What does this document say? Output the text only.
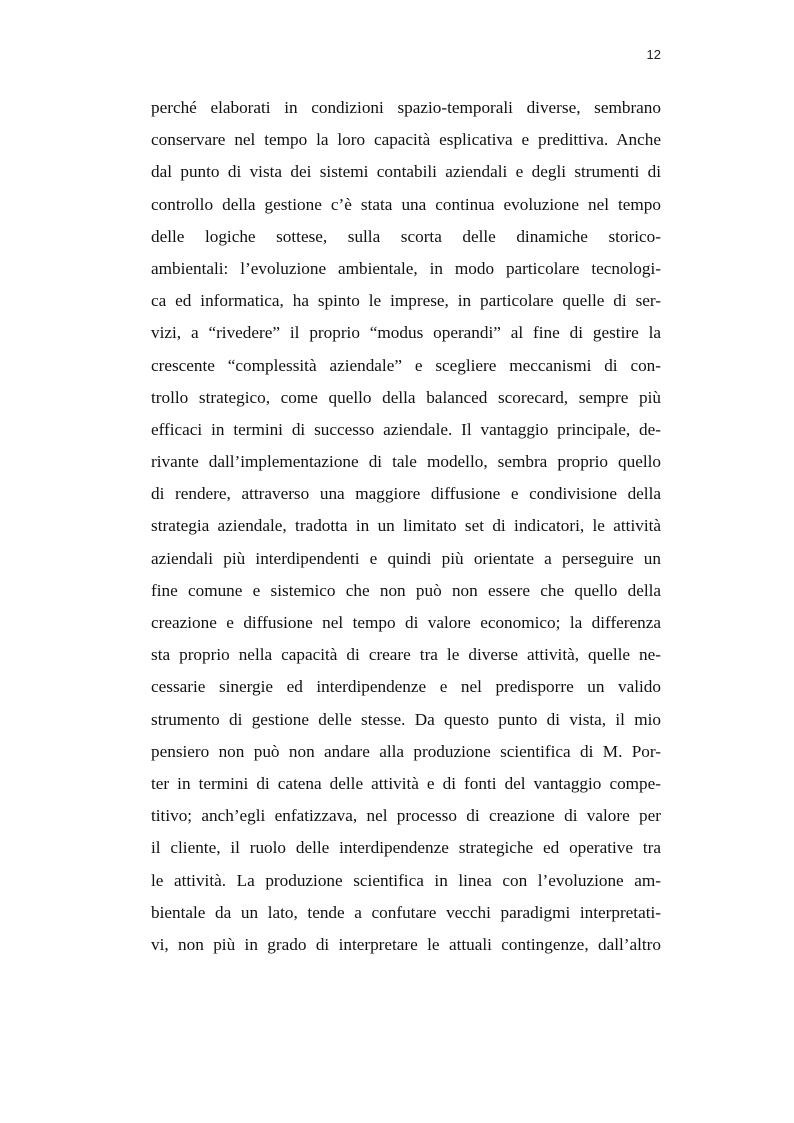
12
perché elaborati in condizioni spazio-temporali diverse, sembrano
conservare nel tempo la loro capacità esplicativa e predittiva. Anche
dal punto di vista dei sistemi contabili aziendali e degli strumenti di
controllo della gestione c’è stata una continua evoluzione nel tempo
delle logiche sottese, sulla scorta delle dinamiche storico-
ambientali: l’evoluzione ambientale, in modo particolare tecnologi-
ca ed informatica, ha spinto le imprese, in particolare quelle di ser-
vizi, a “rivedere” il proprio “modus operandi” al fine di gestire la
crescente “complessità aziendale” e scegliere meccanismi di con-
trollo strategico, come quello della balanced scorecard, sempre più
efficaci in termini di successo aziendale. Il vantaggio principale, de-
rivante dall’implementazione di tale modello, sembra proprio quello
di rendere, attraverso una maggiore diffusione e condivisione della
strategia aziendale, tradotta in un limitato set di indicatori, le attività
aziendali più interdipendenti e quindi più orientate a perseguire un
fine comune e sistemico che non può non essere che quello della
creazione e diffusione nel tempo di valore economico; la differenza
sta proprio nella capacità di creare tra le diverse attività, quelle ne-
cessarie sinergie ed interdipendenze e nel predisporre un valido
strumento di gestione delle stesse. Da questo punto di vista, il mio
pensiero non può non andare alla produzione scientifica di M. Por-
ter in termini di catena delle attività e di fonti del vantaggio compe-
titivo; anch’egli enfatizzava, nel processo di creazione di valore per
il cliente, il ruolo delle interdipendenze strategiche ed operative tra
le attività. La produzione scientifica in linea con l’evoluzione am-
bientale da un lato, tende a confutare vecchi paradigmi interpretati-
vi, non più in grado di interpretare le attuali contingenze, dall’altro
